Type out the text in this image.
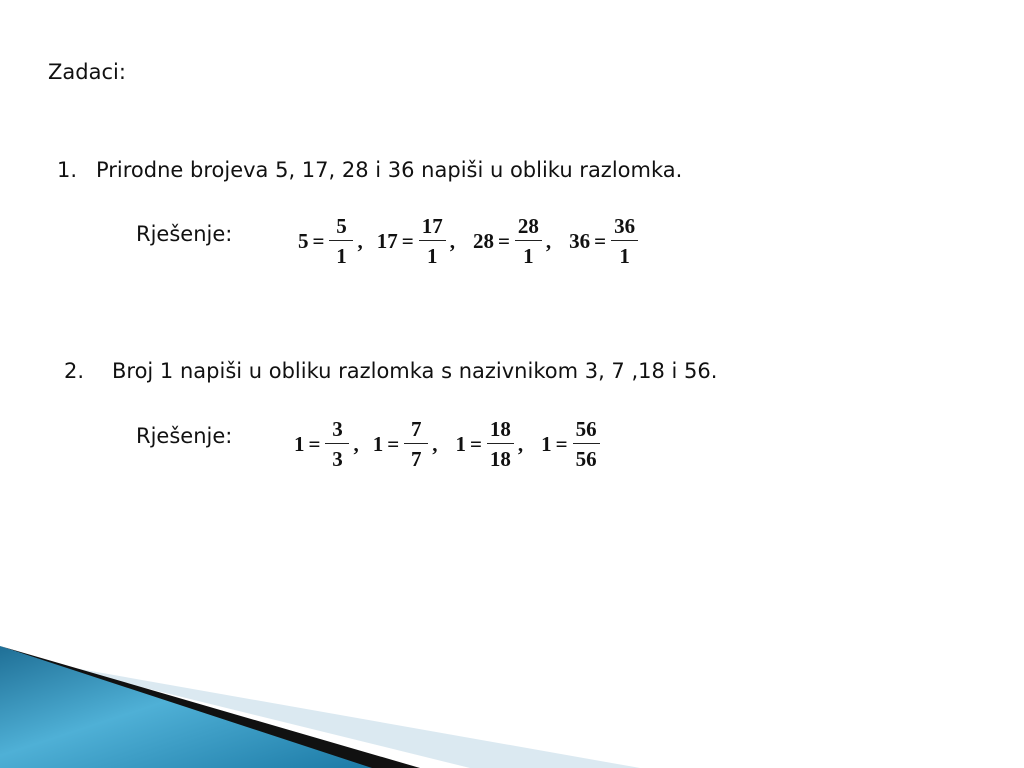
Zadaci:
1. Prirodne brojeva 5, 17, 28 i 36 napiši u obliku razlomka.
Rješenje:	$5 = \frac{5}{1}$ , $17 = \frac{17}{1}$ , $28 = \frac{28}{1}$ , $36 = \frac{36}{1}$
2. Broj 1 napiši u obliku razlomka s nazivnikom 3, 7 ,18 i 56.
Rješenje:	$1 = \frac{3}{3}$ , $1 = \frac{7}{7}$ , $1 = \frac{18}{18}$ , $1 = \frac{56}{56}$
